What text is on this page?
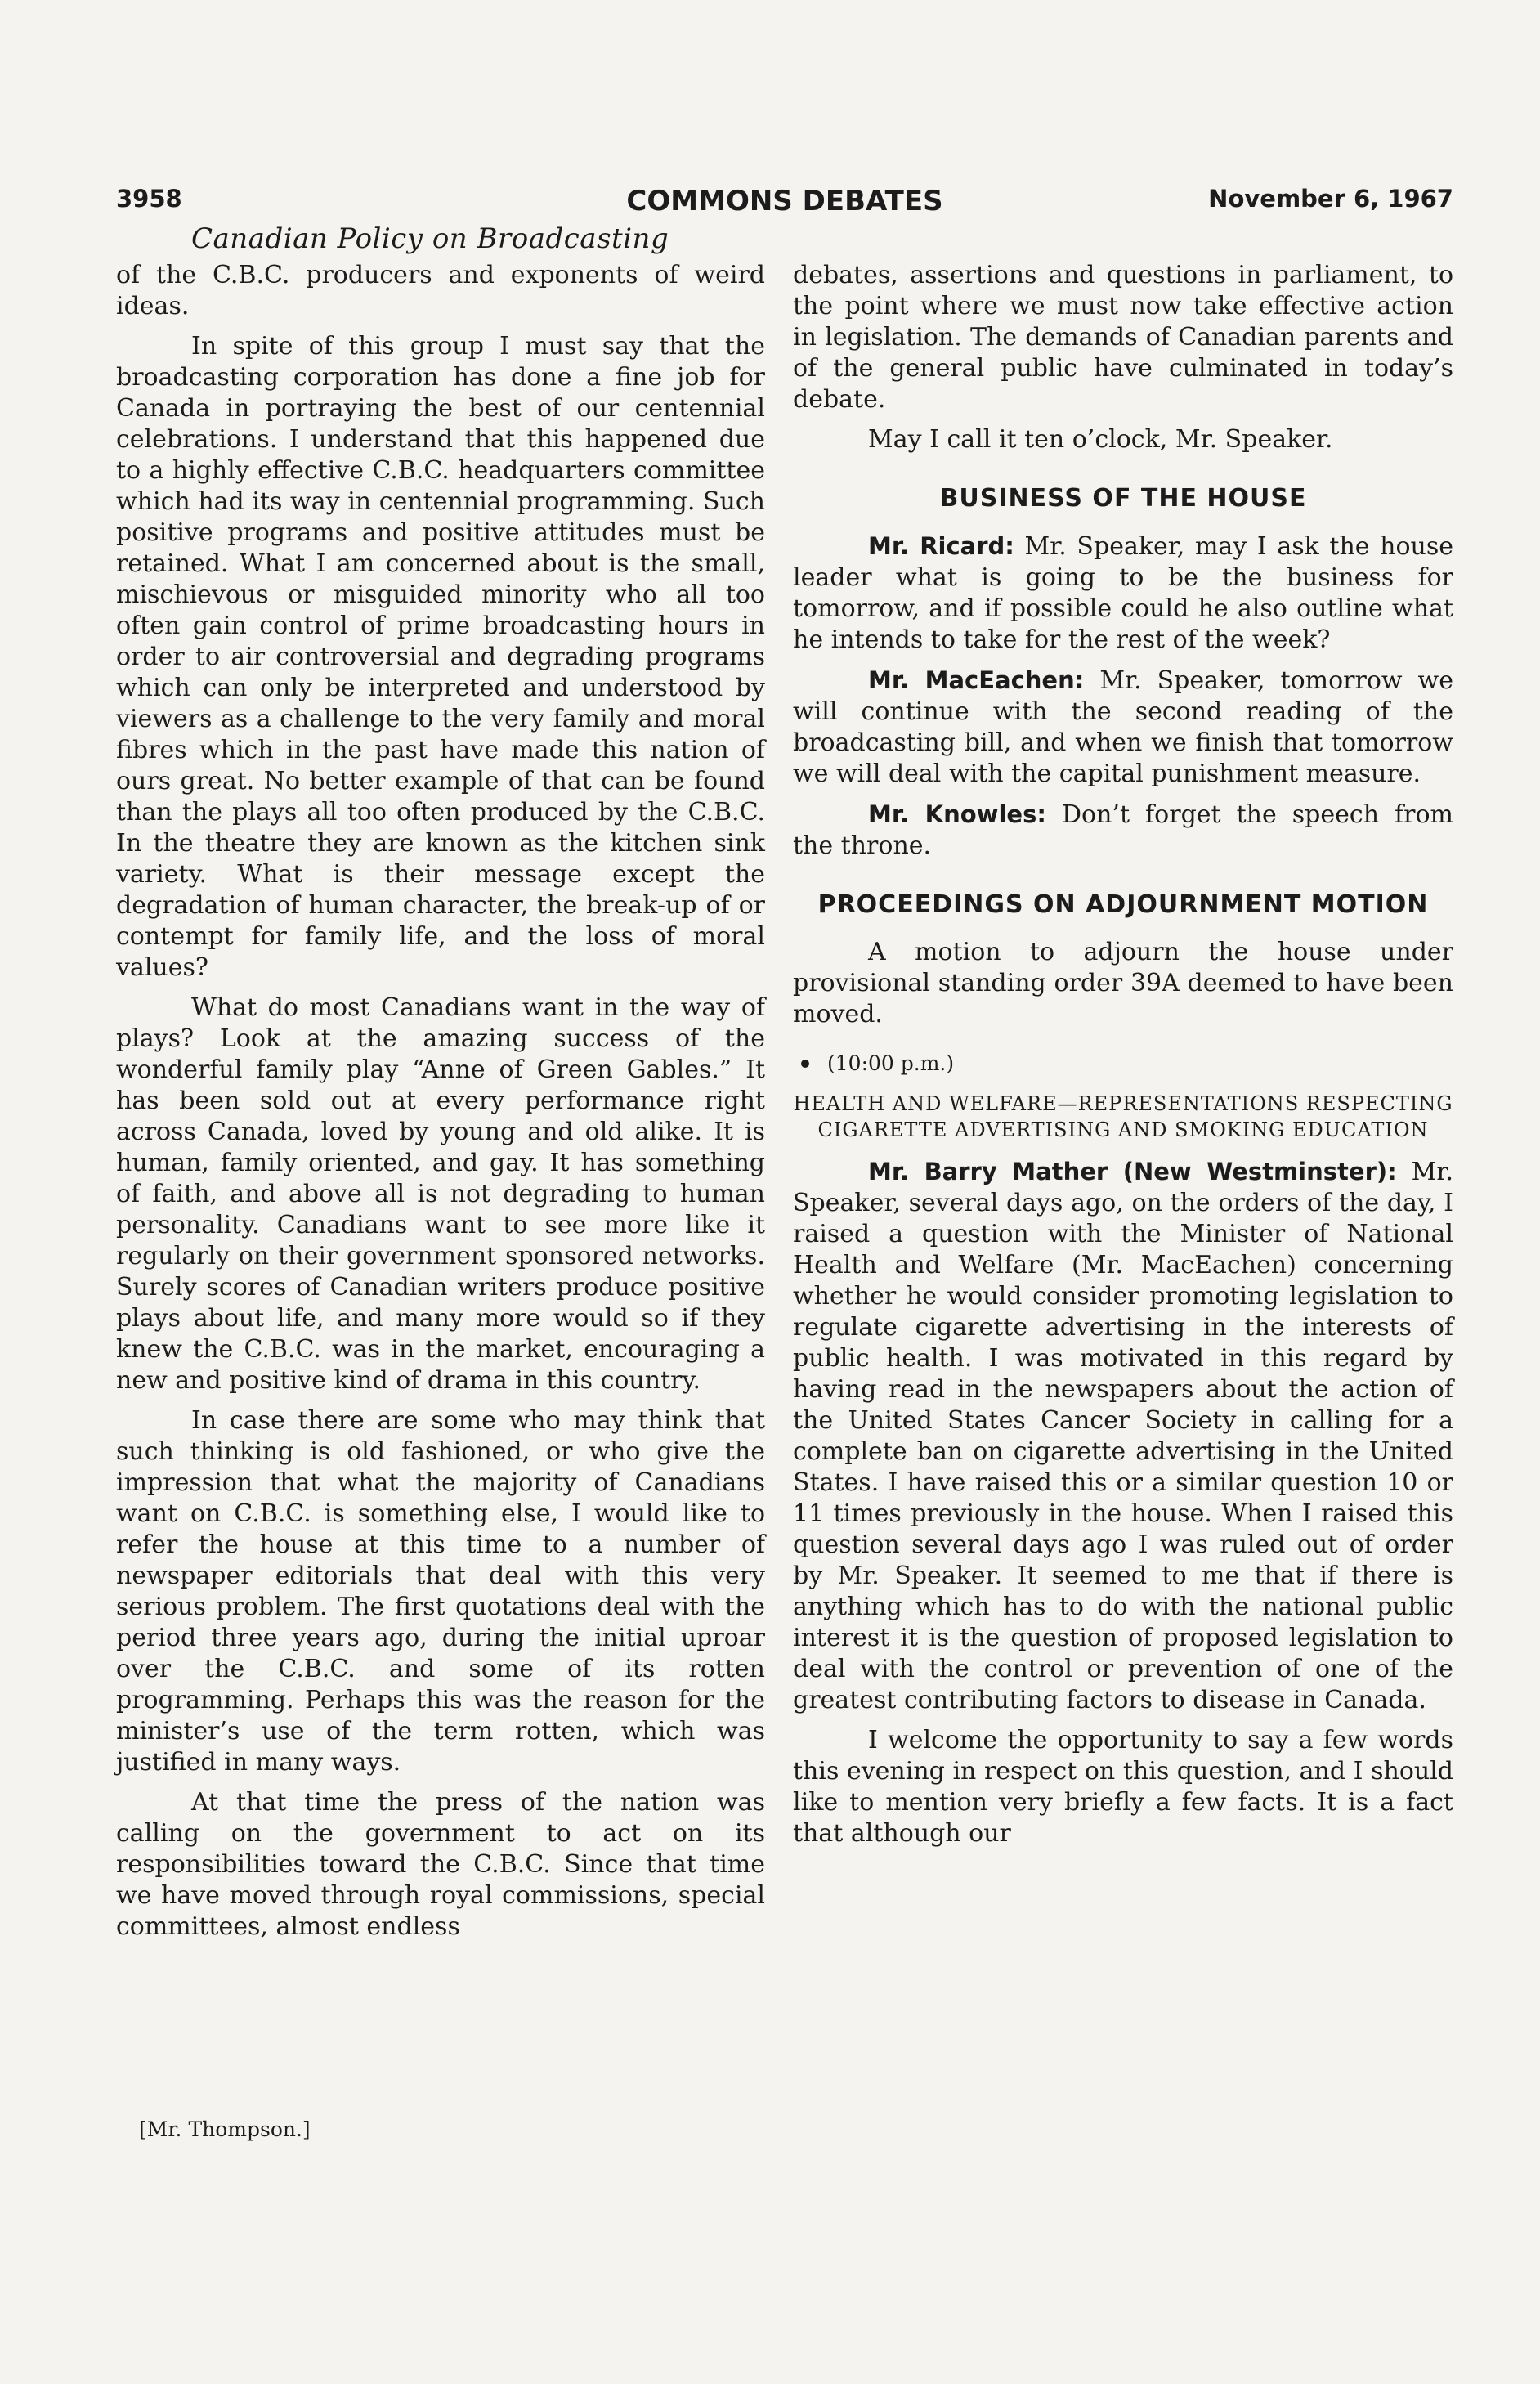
3958	COMMONS DEBATES	November 6, 1967
Canadian Policy on Broadcasting

of the C.B.C. producers and exponents of weird ideas.

In spite of this group I must say that the broadcasting corporation has done a fine job for Canada in portraying the best of our centennial celebrations. I understand that this happened due to a highly effective C.B.C. headquarters committee which had its way in centennial programming. Such positive programs and positive attitudes must be retained. What I am concerned about is the small, mischievous or misguided minority who all too often gain control of prime broadcasting hours in order to air controversial and degrading programs which can only be interpreted and understood by viewers as a challenge to the very family and moral fibres which in the past have made this nation of ours great. No better example of that can be found than the plays all too often produced by the C.B.C. In the theatre they are known as the kitchen sink variety. What is their message except the degradation of human character, the break-up of or contempt for family life, and the loss of moral values?

What do most Canadians want in the way of plays? Look at the amazing success of the wonderful family play “Anne of Green Gables.” It has been sold out at every performance right across Canada, loved by young and old alike. It is human, family oriented, and gay. It has something of faith, and above all is not degrading to human personality. Canadians want to see more like it regularly on their government sponsored networks. Surely scores of Canadian writers produce positive plays about life, and many more would so if they knew the C.B.C. was in the market, encouraging a new and positive kind of drama in this country.

In case there are some who may think that such thinking is old fashioned, or who give the impression that what the majority of Canadians want on C.B.C. is something else, I would like to refer the house at this time to a number of newspaper editorials that deal with this very serious problem. The first quotations deal with the period three years ago, during the initial uproar over the C.B.C. and some of its rotten programming. Perhaps this was the reason for the minister’s use of the term rotten, which was justified in many ways.

At that time the press of the nation was calling on the government to act on its responsibilities toward the C.B.C. Since that time we have moved through royal commissions, special committees, almost endless

[Mr. Thompson.]

debates, assertions and questions in parliament, to the point where we must now take effective action in legislation. The demands of Canadian parents and of the general public have culminated in today’s debate.

May I call it ten o’clock, Mr. Speaker.

BUSINESS OF THE HOUSE

Mr. Ricard: Mr. Speaker, may I ask the house leader what is going to be the business for tomorrow, and if possible could he also outline what he intends to take for the rest of the week?

Mr. MacEachen: Mr. Speaker, tomorrow we will continue with the second reading of the broadcasting bill, and when we finish that tomorrow we will deal with the capital punishment measure.

Mr. Knowles: Don’t forget the speech from the throne.

PROCEEDINGS ON ADJOURNMENT MOTION

A motion to adjourn the house under provisional standing order 39A deemed to have been moved.

(10:00 p.m.)
HEALTH AND WELFARE—REPRESENTATIONS RESPECTING CIGARETTE ADVERTISING AND SMOKING EDUCATION

Mr. Barry Mather (New Westminster): Mr. Speaker, several days ago, on the orders of the day, I raised a question with the Minister of National Health and Welfare (Mr. MacEachen) concerning whether he would consider promoting legislation to regulate cigarette advertising in the interests of public health. I was motivated in this regard by having read in the newspapers about the action of the United States Cancer Society in calling for a complete ban on cigarette advertising in the United States. I have raised this or a similar question 10 or 11 times previously in the house. When I raised this question several days ago I was ruled out of order by Mr. Speaker. It seemed to me that if there is anything which has to do with the national public interest it is the question of proposed legislation to deal with the control or prevention of one of the greatest contributing factors to disease in Canada.

I welcome the opportunity to say a few words this evening in respect on this question, and I should like to mention very briefly a few facts. It is a fact that although our
